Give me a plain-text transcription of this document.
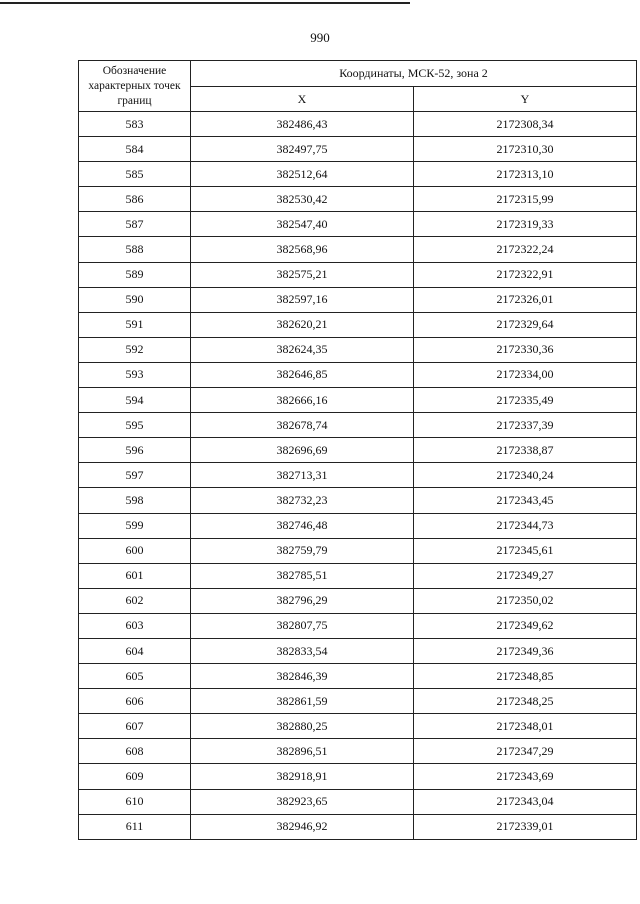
990
Обозначение характерных точек границ	Координаты, МСК-52, зона 2	
	X	Y
583	382486,43	2172308,34
584	382497,75	2172310,30
585	382512,64	2172313,10
586	382530,42	2172315,99
587	382547,40	2172319,33
588	382568,96	2172322,24
589	382575,21	2172322,91
590	382597,16	2172326,01
591	382620,21	2172329,64
592	382624,35	2172330,36
593	382646,85	2172334,00
594	382666,16	2172335,49
595	382678,74	2172337,39
596	382696,69	2172338,87
597	382713,31	2172340,24
598	382732,23	2172343,45
599	382746,48	2172344,73
600	382759,79	2172345,61
601	382785,51	2172349,27
602	382796,29	2172350,02
603	382807,75	2172349,62
604	382833,54	2172349,36
605	382846,39	2172348,85
606	382861,59	2172348,25
607	382880,25	2172348,01
608	382896,51	2172347,29
609	382918,91	2172343,69
610	382923,65	2172343,04
611	382946,92	2172339,01
